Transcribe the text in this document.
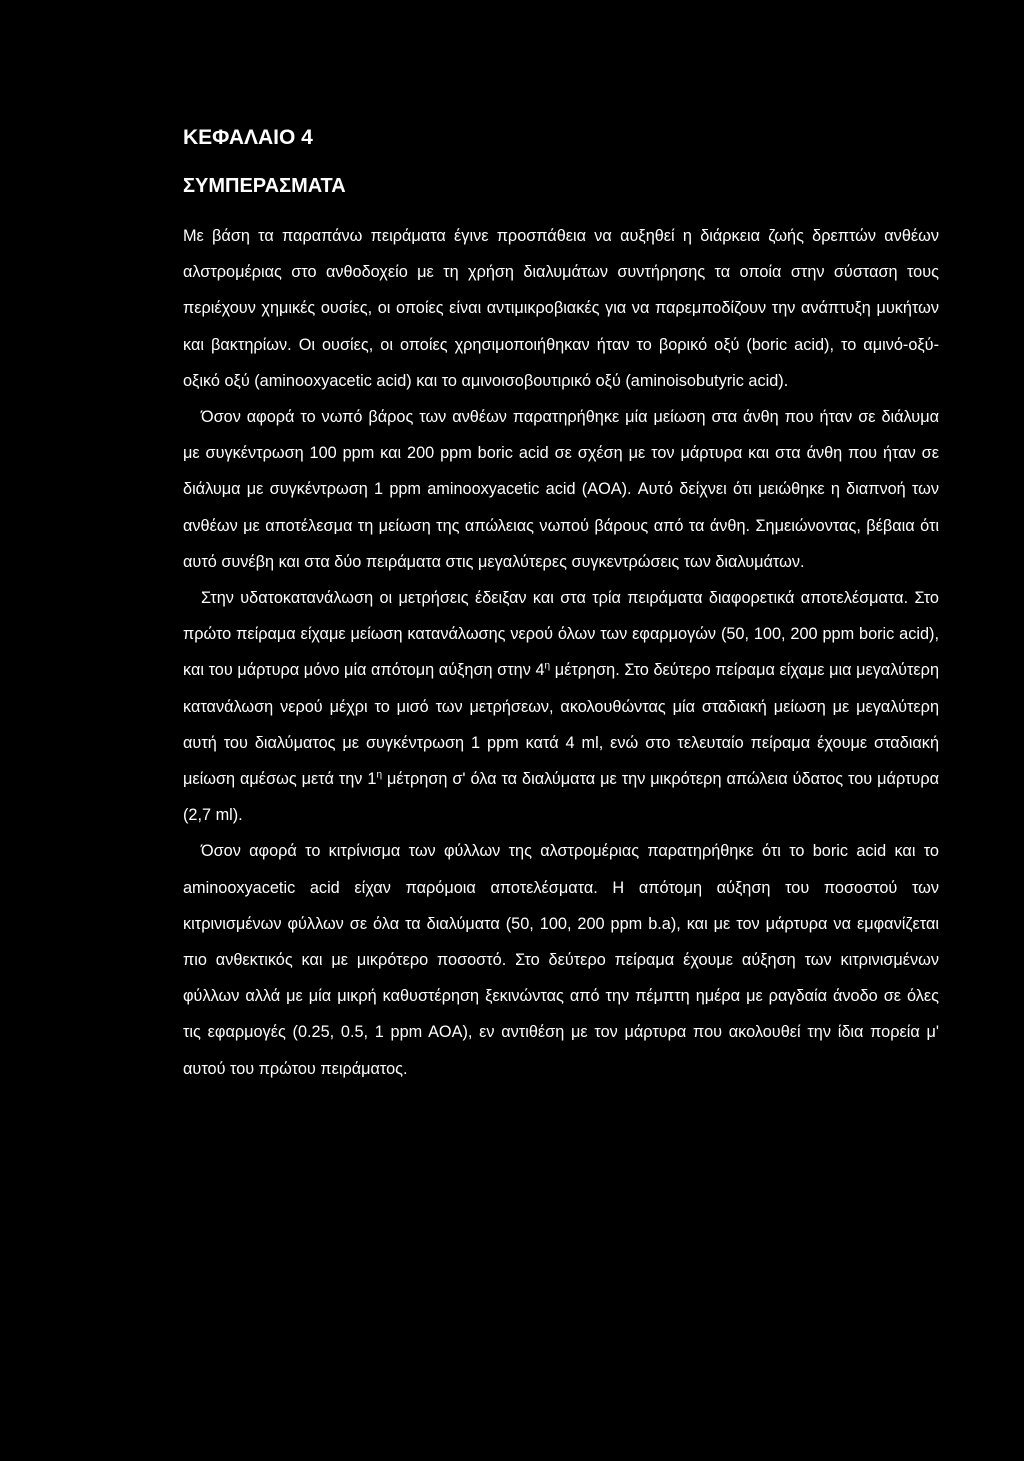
ΚΕΦΑΛΑΙΟ 4
ΣΥΜΠΕΡΑΣΜΑΤΑ

Με βάση τα παραπάνω πειράματα έγινε προσπάθεια να αυξηθεί η διάρκεια ζωής δρεπτών ανθέων αλστρομέριας στο ανθοδοχείο με τη χρήση διαλυμάτων συντήρησης τα οποία στην σύσταση τους περιέχουν χημικές ουσίες, οι οποίες είναι αντιμικροβιακές για να παρεμποδίζουν την ανάπτυξη μυκήτων και βακτηρίων. Οι ουσίες, οι οποίες χρησιμοποιήθηκαν ήταν το βορικό οξύ (boric acid), το αμινό-οξύ-οξικό οξύ (aminooxyacetic acid) και το αμινοισοβουτιρικό οξύ (aminoisobutyric acid).
Όσον αφορά το νωπό βάρος των ανθέων παρατηρήθηκε μία μείωση στα άνθη που ήταν σε διάλυμα με συγκέντρωση 100 ppm και 200 ppm boric acid σε σχέση με τον μάρτυρα και στα άνθη που ήταν σε διάλυμα με συγκέντρωση 1 ppm aminooxyacetic acid (AOA). Αυτό δείχνει ότι μειώθηκε η διαπνοή των ανθέων με αποτέλεσμα τη μείωση της απώλειας νωπού βάρους από τα άνθη. Σημειώνοντας, βέβαια ότι αυτό συνέβη και στα δύο πειράματα στις μεγαλύτερες συγκεντρώσεις των διαλυμάτων.

Στην υδατοκατανάλωση οι μετρήσεις έδειξαν και στα τρία πειράματα διαφορετικά αποτελέσματα. Στο πρώτο πείραμα είχαμε μείωση κατανάλωσης νερού όλων των εφαρμογών (50, 100, 200 ppm boric acid), και του μάρτυρα μόνο μία απότομη αύξηση στην $4^\eta$ μέτρηση. Στο δεύτερο πείραμα είχαμε μια μεγαλύτερη κατανάλωση νερού μέχρι το μισό των μετρήσεων, ακολουθώντας μία σταδιακή μείωση με μεγαλύτερη αυτή του διαλύματος με συγκέντρωση 1 ppm κατά 4 ml, ενώ στο τελευταίο πείραμα έχουμε σταδιακή μείωση αμέσως μετά την $1^\eta$ μέτρηση σ' όλα τα διαλύματα με την μικρότερη απώλεια ύδατος του μάρτυρα (2,7 ml).

Όσον αφορά το κιτρίνισμα των φύλλων της αλστρομέριας παρατηρήθηκε ότι το boric acid και το aminooxyacetic acid είχαν παρόμοια αποτελέσματα. Η απότομη αύξηση του ποσοστού των κιτρινισμένων φύλλων σε όλα τα διαλύματα (50, 100, 200 ppm b.a), και με τον μάρτυρα να εμφανίζεται πιο ανθεκτικός και με μικρότερο ποσοστό. Στο δεύτερο πείραμα έχουμε αύξηση των κιτρινισμένων φύλλων αλλά με μία μικρή καθυστέρηση ξεκινώντας από την πέμπτη ημέρα με ραγδαία άνοδο σε όλες τις εφαρμογές (0.25, 0.5, 1 ppm AOA), εν αντιθέση με τον μάρτυρα που ακολουθεί την ίδια πορεία μ' αυτού του πρώτου πειράματος.
